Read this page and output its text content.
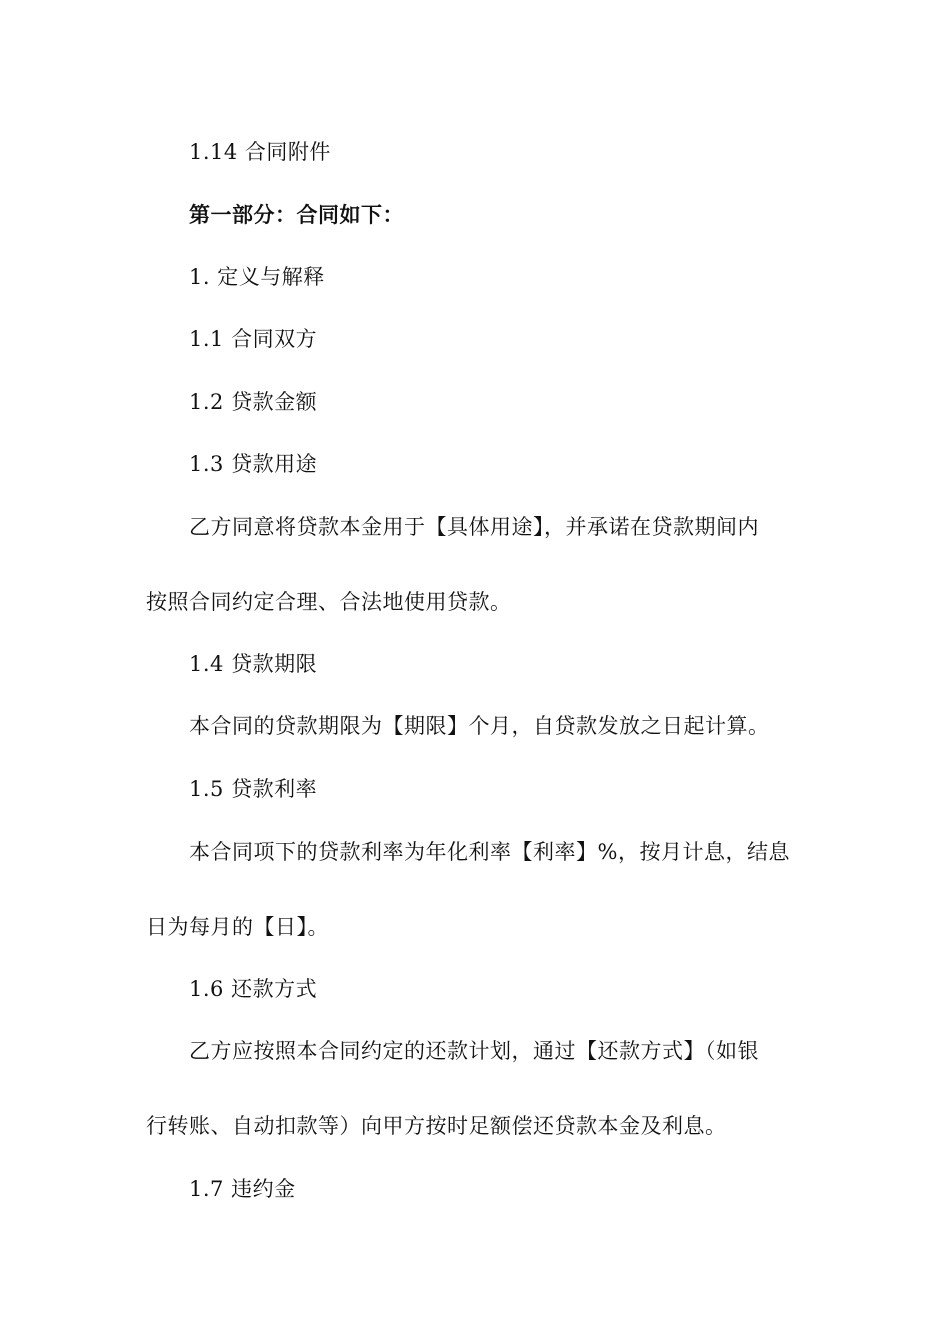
1.14 合同附件
第一部分：合同如下：
1. 定义与解释
1.1 合同双方
1.2 贷款金额
1.3 贷款用途
乙方同意将贷款本金用于【具体用途】，并承诺在贷款期间内
按照合同约定合理、合法地使用贷款。
1.4 贷款期限
本合同的贷款期限为【期限】个月，自贷款发放之日起计算。
1.5 贷款利率
本合同项下的贷款利率为年化利率【利率】%，按月计息，结息
日为每月的【日】。
1.6 还款方式
乙方应按照本合同约定的还款计划，通过【还款方式】（如银
行转账、自动扣款等）向甲方按时足额偿还贷款本金及利息。
1.7 违约金
